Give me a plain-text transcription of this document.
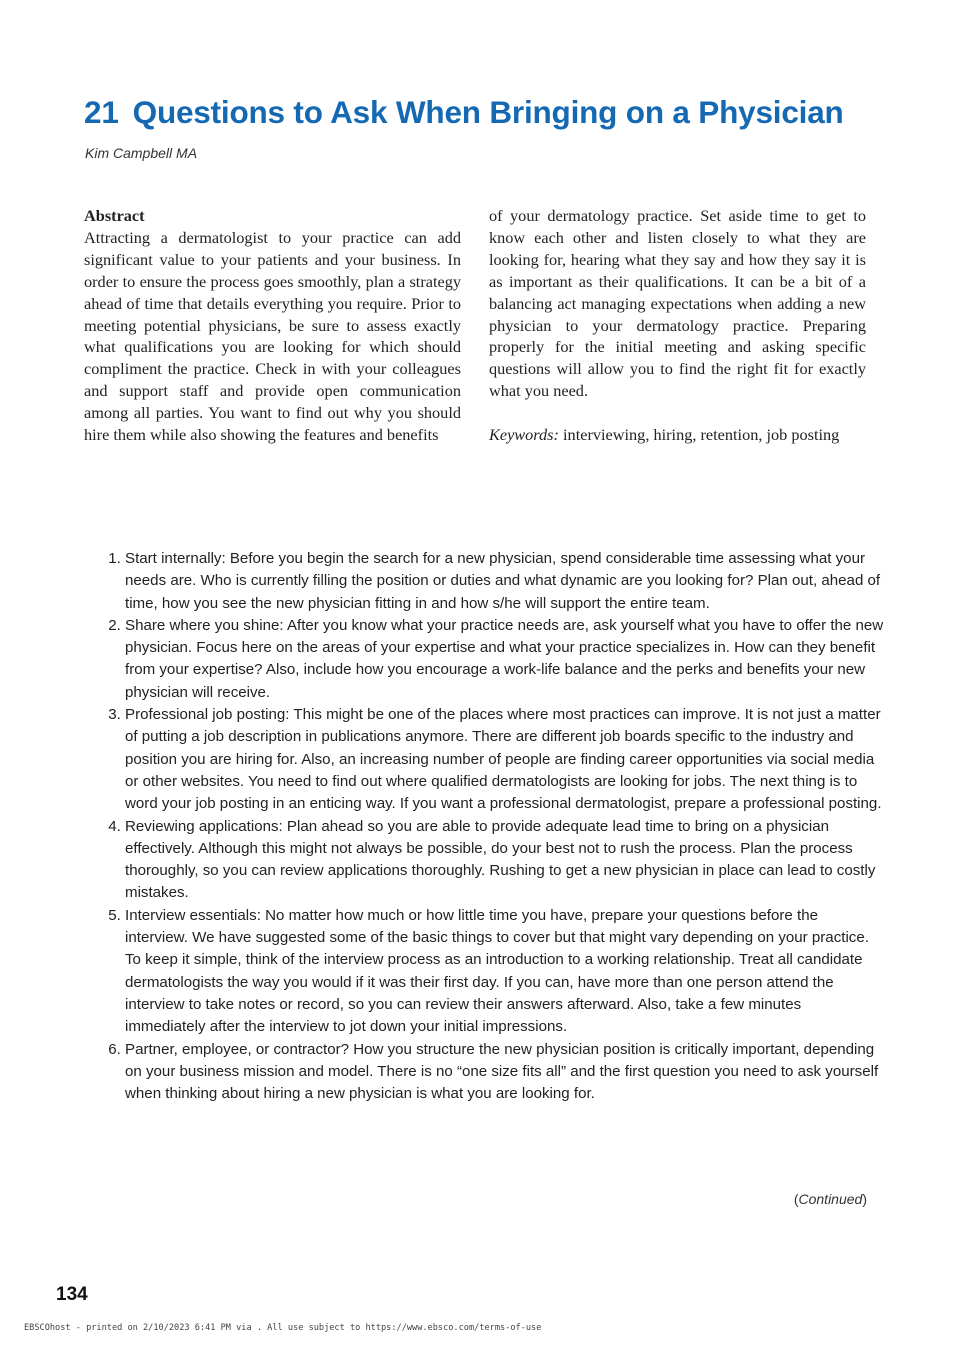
21 Questions to Ask When Bringing on a Physician
Kim Campbell MA
Abstract

Attracting a dermatologist to your practice can add significant value to your patients and your business. In order to ensure the process goes smoothly, plan a strategy ahead of time that details everything you require. Prior to meeting potential physicians, be sure to assess exactly what qualifications you are looking for which should compliment the practice. Check in with your colleagues and support staff and provide open communication among all parties. You want to find out why you should hire them while also showing the features and benefits

of your dermatology practice. Set aside time to get to know each other and listen closely to what they are looking for, hearing what they say and how they say it is as important as their qualifications. It can be a bit of a balancing act managing expectations when adding a new physician to your dermatology practice. Preparing properly for the initial meeting and asking specific questions will allow you to find the right fit for exactly what you need.

Keywords: interviewing, hiring, retention, job posting

1. Start internally: Before you begin the search for a new physician, spend considerable time assessing what your needs are. Who is currently filling the position or duties and what dynamic are you looking for? Plan out, ahead of time, how you see the new physician fitting in and how s/he will support the entire team.
2. Share where you shine: After you know what your practice needs are, ask yourself what you have to offer the new physician. Focus here on the areas of your expertise and what your practice specializes in. How can they benefit from your expertise? Also, include how you encourage a work-life balance and the perks and benefits your new physician will receive.
3. Professional job posting: This might be one of the places where most practices can improve. It is not just a matter of putting a job description in publications anymore. There are different job boards specific to the industry and position you are hiring for. Also, an increasing number of people are finding career opportunities via social media or other websites. You need to find out where qualified dermatologists are looking for jobs. The next thing is to word your job posting in an enticing way. If you want a professional dermatologist, prepare a professional posting.
4. Reviewing applications: Plan ahead so you are able to provide adequate lead time to bring on a physician effectively. Although this might not always be possible, do your best not to rush the process. Plan the process thoroughly, so you can review applications thoroughly. Rushing to get a new physician in place can lead to costly mistakes.
5. Interview essentials: No matter how much or how little time you have, prepare your questions before the interview. We have suggested some of the basic things to cover but that might vary depending on your practice. To keep it simple, think of the interview process as an introduction to a working relationship. Treat all candidate dermatologists the way you would if it was their first day. If you can, have more than one person attend the interview to take notes or record, so you can review their answers afterward. Also, take a few minutes immediately after the interview to jot down your initial impressions.
6. Partner, employee, or contractor? How you structure the new physician position is critically important, depending on your business mission and model. There is no “one size fits all” and the first question you need to ask yourself when thinking about hiring a new physician is what you are looking for.
(Continued)
134
EBSCOhost - printed on 2/10/2023 6:41 PM via . All use subject to https://www.ebsco.com/terms-of-use
